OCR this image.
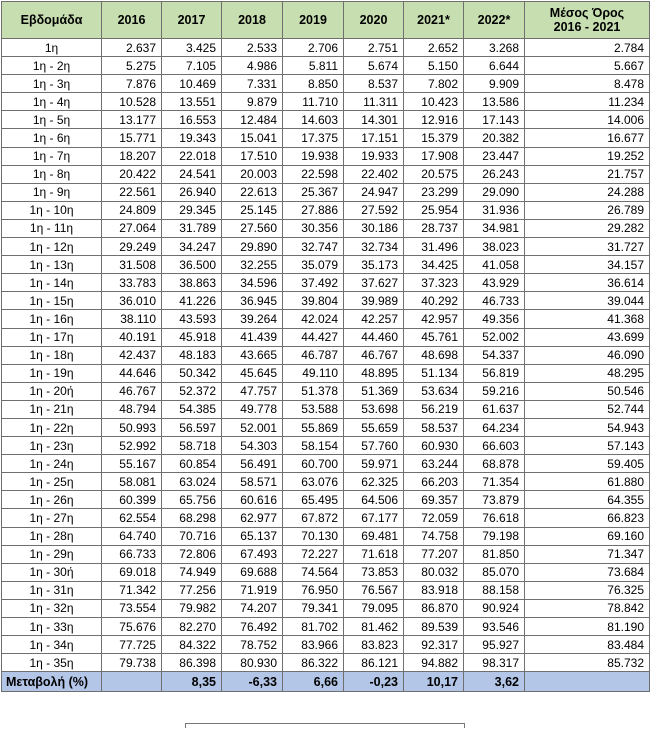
Εβδομάδα	2016	2017	2018	2019	2020	2021*	2022*	Μέσος Όρος
2016 - 2021
1η	2.637	3.425	2.533	2.706	2.751	2.652	3.268	2.784
1η - 2η	5.275	7.105	4.986	5.811	5.674	5.150	6.644	5.667
1η - 3η	7.876	10.469	7.331	8.850	8.537	7.802	9.909	8.478
1η - 4η	10.528	13.551	9.879	11.710	11.311	10.423	13.586	11.234
1η - 5η	13.177	16.553	12.484	14.603	14.301	12.916	17.143	14.006
1η - 6η	15.771	19.343	15.041	17.375	17.151	15.379	20.382	16.677
1η - 7η	18.207	22.018	17.510	19.938	19.933	17.908	23.447	19.252
1η - 8η	20.422	24.541	20.003	22.598	22.402	20.575	26.243	21.757
1η - 9η	22.561	26.940	22.613	25.367	24.947	23.299	29.090	24.288
1η - 10η	24.809	29.345	25.145	27.886	27.592	25.954	31.936	26.789
1η - 11η	27.064	31.789	27.560	30.356	30.186	28.737	34.981	29.282
1η - 12η	29.249	34.247	29.890	32.747	32.734	31.496	38.023	31.727
1η - 13η	31.508	36.500	32.255	35.079	35.173	34.425	41.058	34.157
1η - 14η	33.783	38.863	34.596	37.492	37.627	37.323	43.929	36.614
1η - 15η	36.010	41.226	36.945	39.804	39.989	40.292	46.733	39.044
1η - 16η	38.110	43.593	39.264	42.024	42.257	42.957	49.356	41.368
1η - 17η	40.191	45.918	41.439	44.427	44.460	45.761	52.002	43.699
1η - 18η	42.437	48.183	43.665	46.787	46.767	48.698	54.337	46.090
1η - 19η	44.646	50.342	45.645	49.110	48.895	51.134	56.819	48.295
1η - 20ή	46.767	52.372	47.757	51.378	51.369	53.634	59.216	50.546
1η - 21η	48.794	54.385	49.778	53.588	53.698	56.219	61.637	52.744
1η - 22η	50.993	56.597	52.001	55.869	55.659	58.537	64.234	54.943
1η - 23η	52.992	58.718	54.303	58.154	57.760	60.930	66.603	57.143
1η - 24η	55.167	60.854	56.491	60.700	59.971	63.244	68.878	59.405
1η - 25η	58.081	63.024	58.571	63.076	62.325	66.203	71.354	61.880
1η - 26η	60.399	65.756	60.616	65.495	64.506	69.357	73.879	64.355
1η - 27η	62.554	68.298	62.977	67.872	67.177	72.059	76.618	66.823
1η - 28η	64.740	70.716	65.137	70.130	69.481	74.758	79.198	69.160
1η - 29η	66.733	72.806	67.493	72.227	71.618	77.207	81.850	71.347
1η - 30ή	69.018	74.949	69.688	74.564	73.853	80.032	85.070	73.684
1η - 31η	71.342	77.256	71.919	76.950	76.567	83.918	88.158	76.325
1η - 32η	73.554	79.982	74.207	79.341	79.095	86.870	90.924	78.842
1η - 33η	75.676	82.270	76.492	81.702	81.462	89.539	93.546	81.190
1η - 34η	77.725	84.322	78.752	83.966	83.823	92.317	95.927	83.484
1η - 35η	79.738	86.398	80.930	86.322	86.121	94.882	98.317	85.732
Μεταβολή (%)		8,35	-6,33	6,66	-0,23	10,17	3,62	
